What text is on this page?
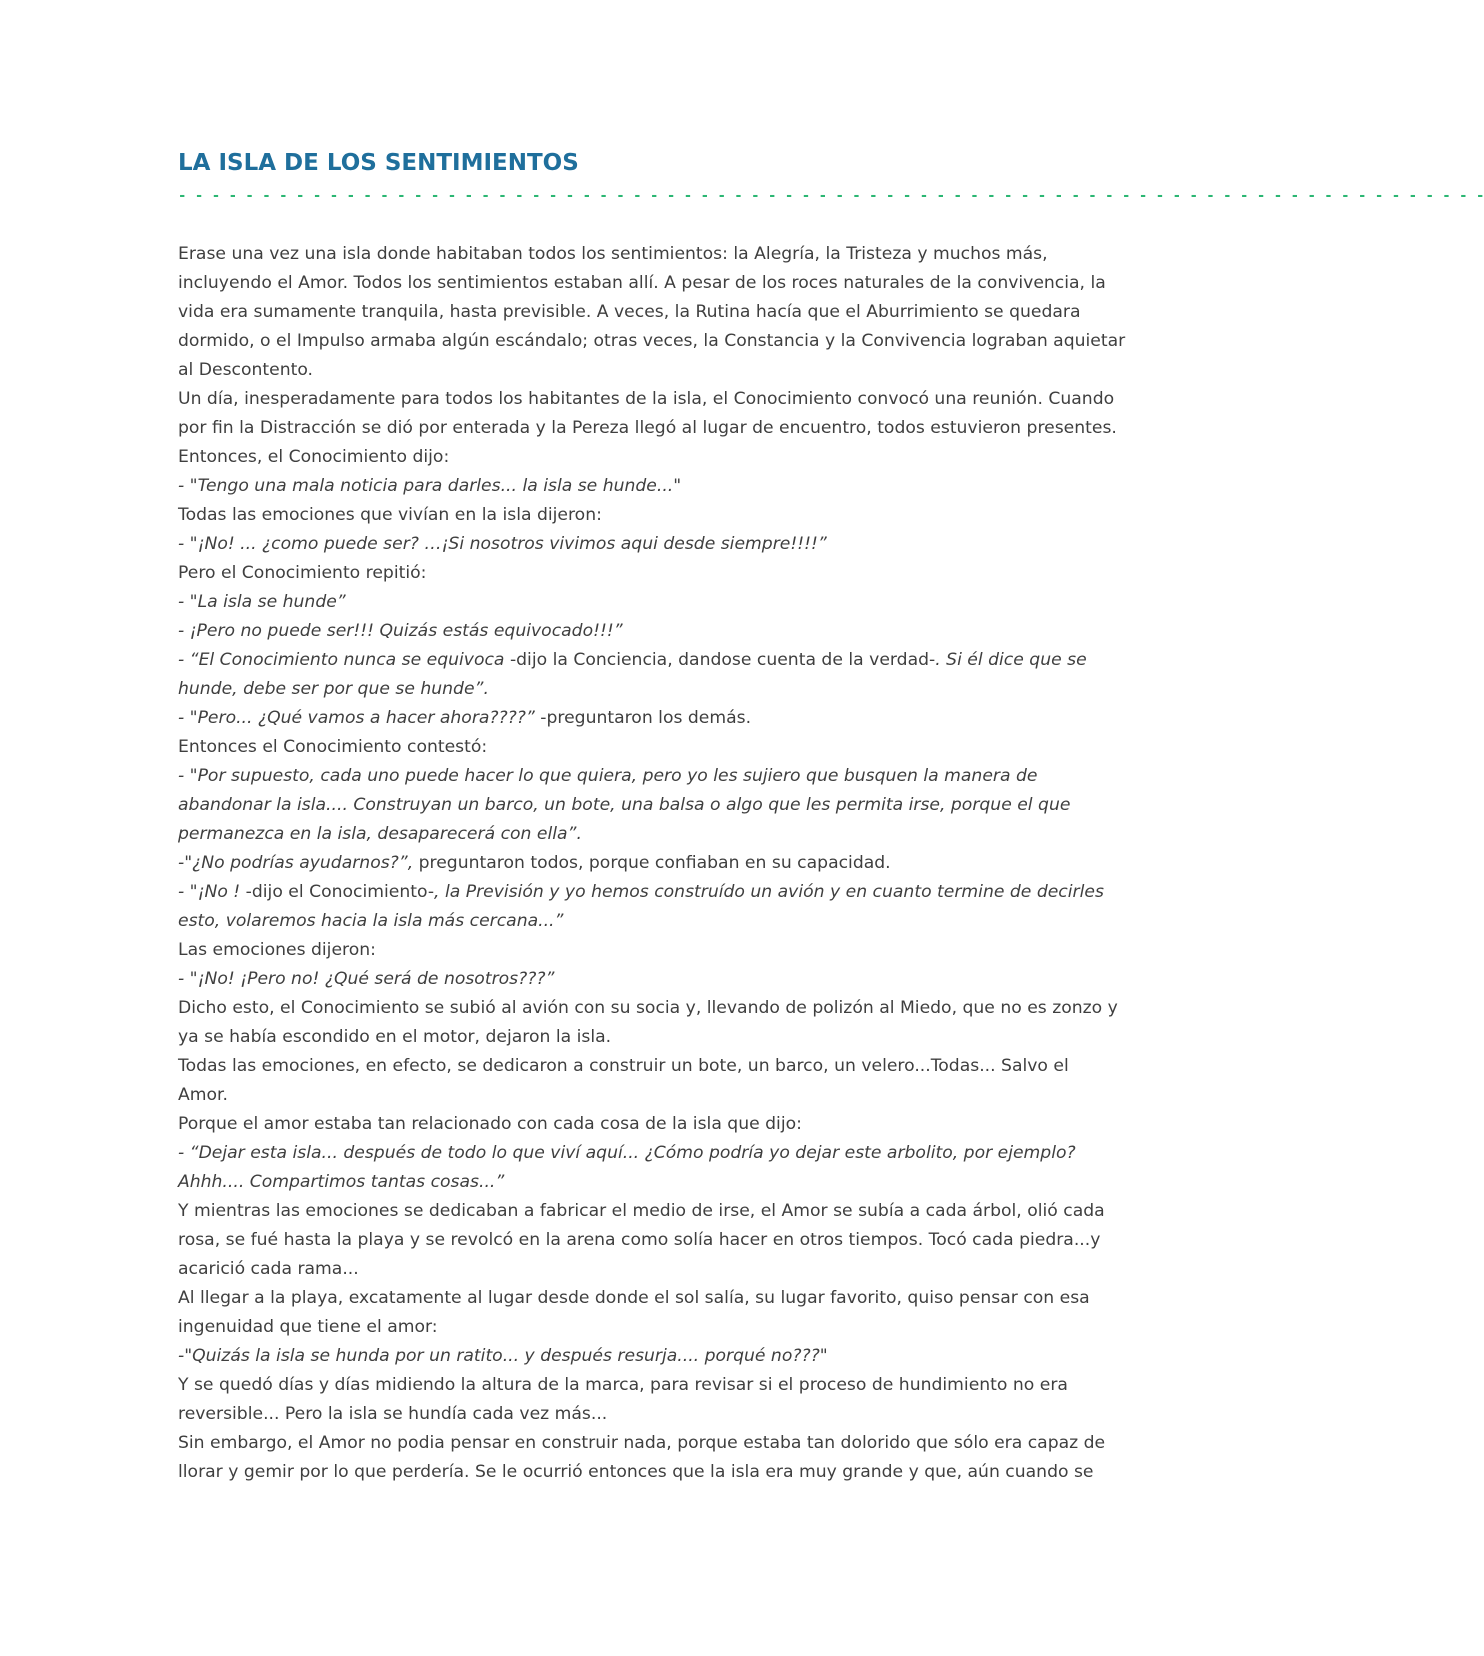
LA ISLA DE LOS SENTIMIENTOS
- - - - - - - - - - - - - - - - - - - - - - - - - - - - - - - - - - - - - - - - - - - - - - - - - - - - - - - - - - - - - - - - - - - - - - - - - - - - - -
Erase una vez una isla donde habitaban todos los sentimientos: la Alegría, la Tristeza y muchos más,
incluyendo el Amor. Todos los sentimientos estaban allí. A pesar de los roces naturales de la convivencia, la
vida era sumamente tranquila, hasta previsible. A veces, la Rutina hacía que el Aburrimiento se quedara
dormido, o el Impulso armaba algún escándalo; otras veces, la Constancia y la Convivencia lograban aquietar
al Descontento.
Un día, inesperadamente para todos los habitantes de la isla, el Conocimiento convocó una reunión. Cuando
por fin la Distracción se dió por enterada y la Pereza llegó al lugar de encuentro, todos estuvieron presentes.
Entonces, el Conocimiento dijo:
- "Tengo una mala noticia para darles... la isla se hunde..."
Todas las emociones que vivían en la isla dijeron:
- "¡No! ... ¿como puede ser? …¡Si nosotros vivimos aqui desde siempre!!!!”
Pero el Conocimiento repitió:
- "La isla se hunde”
- ¡Pero no puede ser!!! Quizás estás equivocado!!!”
- “El Conocimiento nunca se equivoca -dijo la Conciencia, dandose cuenta de la verdad-. Si él dice que se
hunde, debe ser por que se hunde”.
- "Pero... ¿Qué vamos a hacer ahora????” -preguntaron los demás.
Entonces el Conocimiento contestó:
- "Por supuesto, cada uno puede hacer lo que quiera, pero yo les sujiero que busquen la manera de
abandonar la isla.... Construyan un barco, un bote, una balsa o algo que les permita irse, porque el que
permanezca en la isla, desaparecerá con ella”.
-"¿No podrías ayudarnos?”, preguntaron todos, porque confiaban en su capacidad.
- "¡No ! -dijo el Conocimiento-, la Previsión y yo hemos construído un avión y en cuanto termine de decirles
esto, volaremos hacia la isla más cercana...”
Las emociones dijeron:
- "¡No! ¡Pero no! ¿Qué será de nosotros???”
Dicho esto, el Conocimiento se subió al avión con su socia y, llevando de polizón al Miedo, que no es zonzo y
ya se había escondido en el motor, dejaron la isla.
Todas las emociones, en efecto, se dedicaron a construir un bote, un barco, un velero...Todas... Salvo el
Amor.
Porque el amor estaba tan relacionado con cada cosa de la isla que dijo:
- “Dejar esta isla... después de todo lo que viví aquí... ¿Cómo podría yo dejar este arbolito, por ejemplo?
Ahhh.... Compartimos tantas cosas...”
Y mientras las emociones se dedicaban a fabricar el medio de irse, el Amor se subía a cada árbol, olió cada
rosa, se fué hasta la playa y se revolcó en la arena como solía hacer en otros tiempos. Tocó cada piedra...y
acarició cada rama...
Al llegar a la playa, excatamente al lugar desde donde el sol salía, su lugar favorito, quiso pensar con esa
ingenuidad que tiene el amor:
-"Quizás la isla se hunda por un ratito... y después resurja.... porqué no???"
Y se quedó días y días midiendo la altura de la marca, para revisar si el proceso de hundimiento no era
reversible... Pero la isla se hundía cada vez más...
Sin embargo, el Amor no podia pensar en construir nada, porque estaba tan dolorido que sólo era capaz de
llorar y gemir por lo que perdería. Se le ocurrió entonces que la isla era muy grande y que, aún cuando se
